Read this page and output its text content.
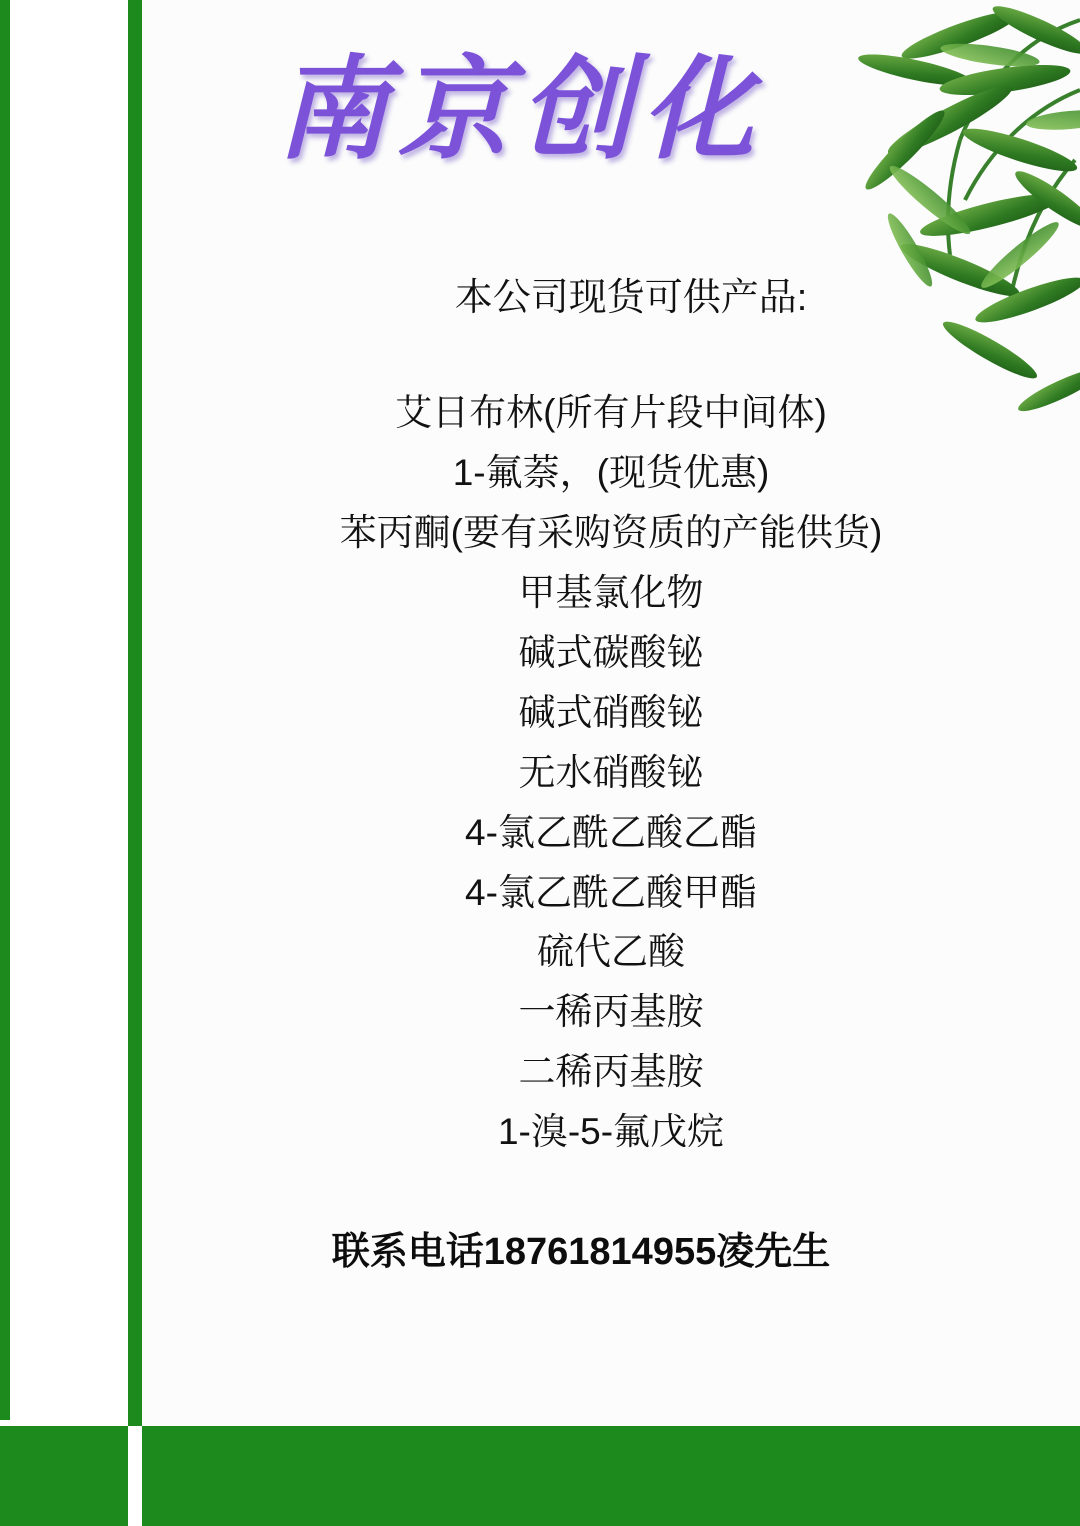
南京创化

本公司现货可供产品:

艾日布林(所有片段中间体)
1-氟萘，(现货优惠)
苯丙酮(要有采购资质的产能供货)
甲基氯化物
碱式碳酸铋
碱式硝酸铋
无水硝酸铋
4-氯乙酰乙酸乙酯
4-氯乙酰乙酸甲酯
硫代乙酸
一稀丙基胺
二稀丙基胺
1-溴-5-氟戊烷
联系电话18761814955凌先生
